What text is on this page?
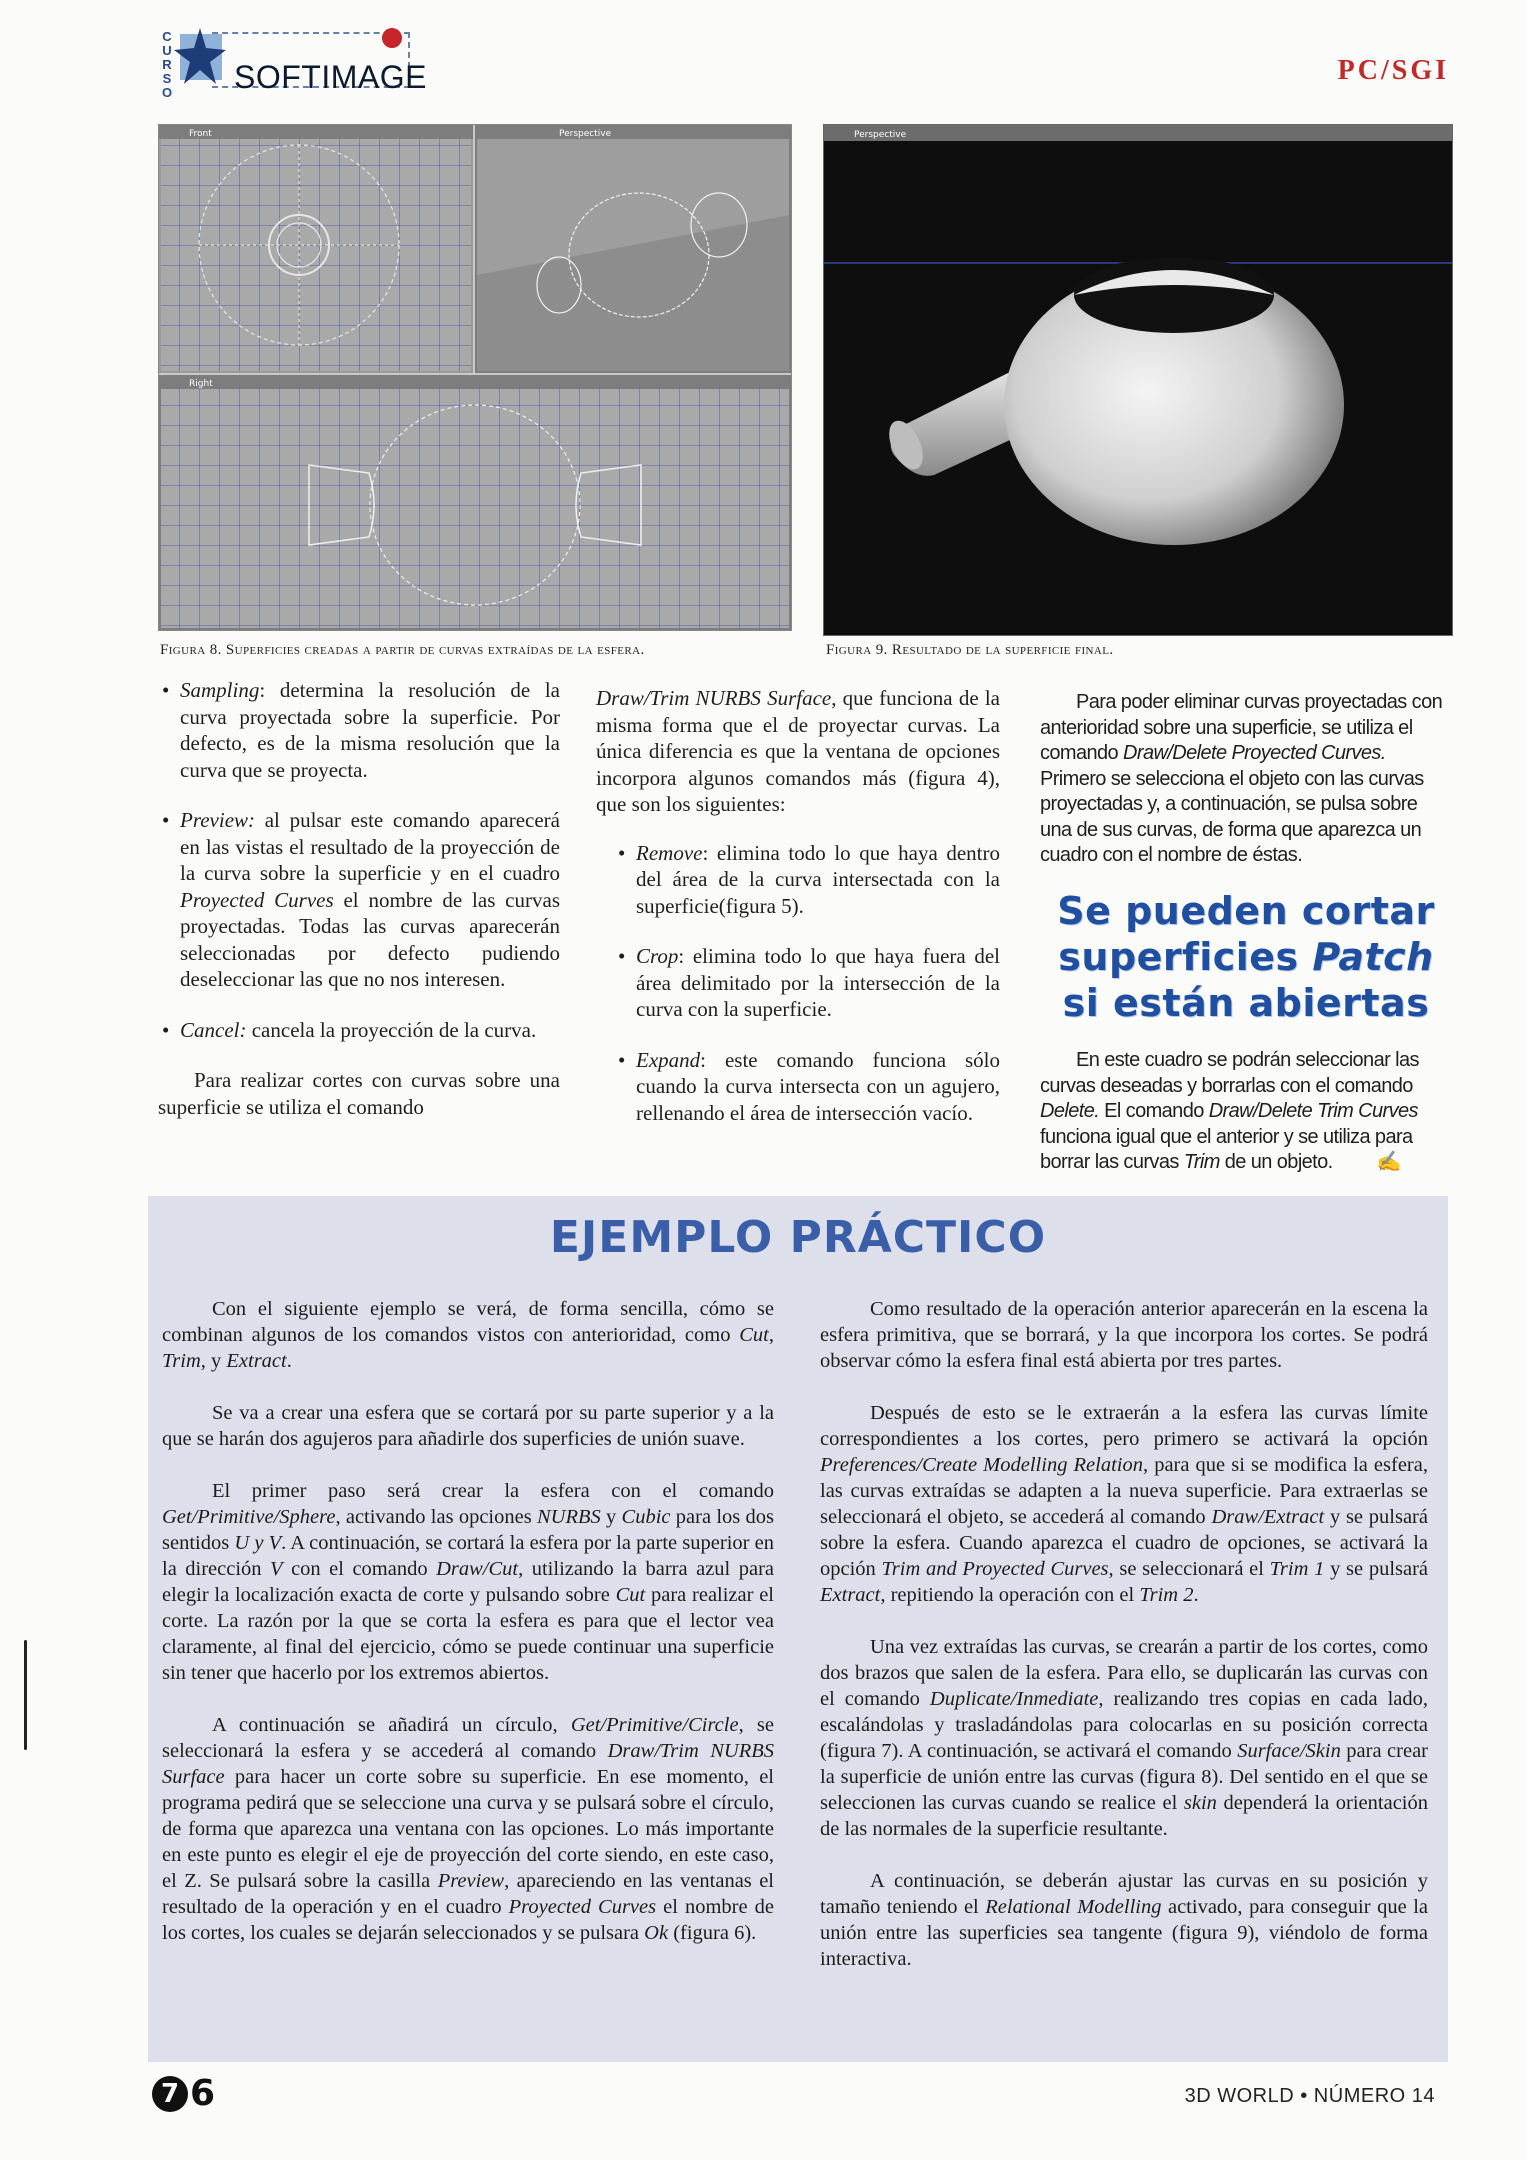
C
U
R
S
O SOFTIMAGE	PC/SGI
Front	Perspective
Right
Figura 8. Superficies creadas a partir de curvas extraídas de la esfera.
Perspective
Figura 9. Resultado de la superficie final.
• Sampling: determina la resolución de la curva proyectada sobre la superficie. Por defecto, es de la misma resolución que la curva que se proyecta.
• Preview: al pulsar este comando aparecerá en las vistas el resultado de la proyección de la curva sobre la superficie y en el cuadro Proyected Curves el nombre de las curvas proyectadas. Todas las curvas aparecerán seleccionadas por defecto pudiendo deseleccionar las que no nos interesen.
• Cancel: cancela la proyección de la curva.

Para realizar cortes con curvas sobre una superficie se utiliza el comando

Draw/Trim NURBS Surface, que funciona de la misma forma que el de proyectar curvas. La única diferencia es que la ventana de opciones incorpora algunos comandos más (figura 4), que son los siguientes:

• Remove: elimina todo lo que haya dentro del área de la curva intersectada con la superficie(figura 5).
• Crop: elimina todo lo que haya fuera del área delimitado por la intersección de la curva con la superficie.
• Expand: este comando funciona sólo cuando la curva intersecta con un agujero, rellenando el área de intersección vacío.

Para poder eliminar curvas proyectadas con anterioridad sobre una superficie, se utiliza el comando Draw/Delete Proyected Curves. Primero se selecciona el objeto con las curvas proyectadas y, a continuación, se pulsa sobre una de sus curvas, de forma que aparezca un cuadro con el nombre de éstas.

Se pueden cortar
superficies Patch
si están abiertas

En este cuadro se podrán seleccionar las curvas deseadas y borrarlas con el comando Delete. El comando Draw/Delete Trim Curves funciona igual que el anterior y se utiliza para borrar las curvas Trim de un objeto. ✍

EJEMPLO PRÁCTICO

Con el siguiente ejemplo se verá, de forma sencilla, cómo se combinan algunos de los comandos vistos con anterioridad, como Cut, Trim, y Extract.

Se va a crear una esfera que se cortará por su parte superior y a la que se harán dos agujeros para añadirle dos superficies de unión suave.

El primer paso será crear la esfera con el comando Get/Primitive/Sphere, activando las opciones NURBS y Cubic para los dos sentidos U y V. A continuación, se cortará la esfera por la parte superior en la dirección V con el comando Draw/Cut, utilizando la barra azul para elegir la localización exacta de corte y pulsando sobre Cut para realizar el corte. La razón por la que se corta la esfera es para que el lector vea claramente, al final del ejercicio, cómo se puede continuar una superficie sin tener que hacerlo por los extremos abiertos.

A continuación se añadirá un círculo, Get/Primitive/Circle, se seleccionará la esfera y se accederá al comando Draw/Trim NURBS Surface para hacer un corte sobre su superficie. En ese momento, el programa pedirá que se seleccione una curva y se pulsará sobre el círculo, de forma que aparezca una ventana con las opciones. Lo más importante en este punto es elegir el eje de proyección del corte siendo, en este caso, el Z. Se pulsará sobre la casilla Preview, apareciendo en las ventanas el resultado de la operación y en el cuadro Proyected Curves el nombre de los cortes, los cuales se dejarán seleccionados y se pulsara Ok (figura 6).

Como resultado de la operación anterior aparecerán en la escena la esfera primitiva, que se borrará, y la que incorpora los cortes. Se podrá observar cómo la esfera final está abierta por tres partes.

Después de esto se le extraerán a la esfera las curvas límite correspondientes a los cortes, pero primero se activará la opción Preferences/Create Modelling Relation, para que si se modifica la esfera, las curvas extraídas se adapten a la nueva superficie. Para extraerlas se seleccionará el objeto, se accederá al comando Draw/Extract y se pulsará sobre la esfera. Cuando aparezca el cuadro de opciones, se activará la opción Trim and Proyected Curves, se seleccionará el Trim 1 y se pulsará Extract, repitiendo la operación con el Trim 2.

Una vez extraídas las curvas, se crearán a partir de los cortes, como dos brazos que salen de la esfera. Para ello, se duplicarán las curvas con el comando Duplicate/Inmediate, realizando tres copias en cada lado, escalándolas y trasladándolas para colocarlas en su posición correcta (figura 7). A continuación, se activará el comando Surface/Skin para crear la superficie de unión entre las curvas (figura 8). Del sentido en el que se seleccionen las curvas cuando se realice el skin dependerá la orientación de las normales de la superficie resultante.

A continuación, se deberán ajustar las curvas en su posición y tamaño teniendo el Relational Modelling activado, para conseguir que la unión entre las superficies sea tangente (figura 9), viéndolo de forma interactiva.

7 6	3D WORLD • NÚMERO 14
